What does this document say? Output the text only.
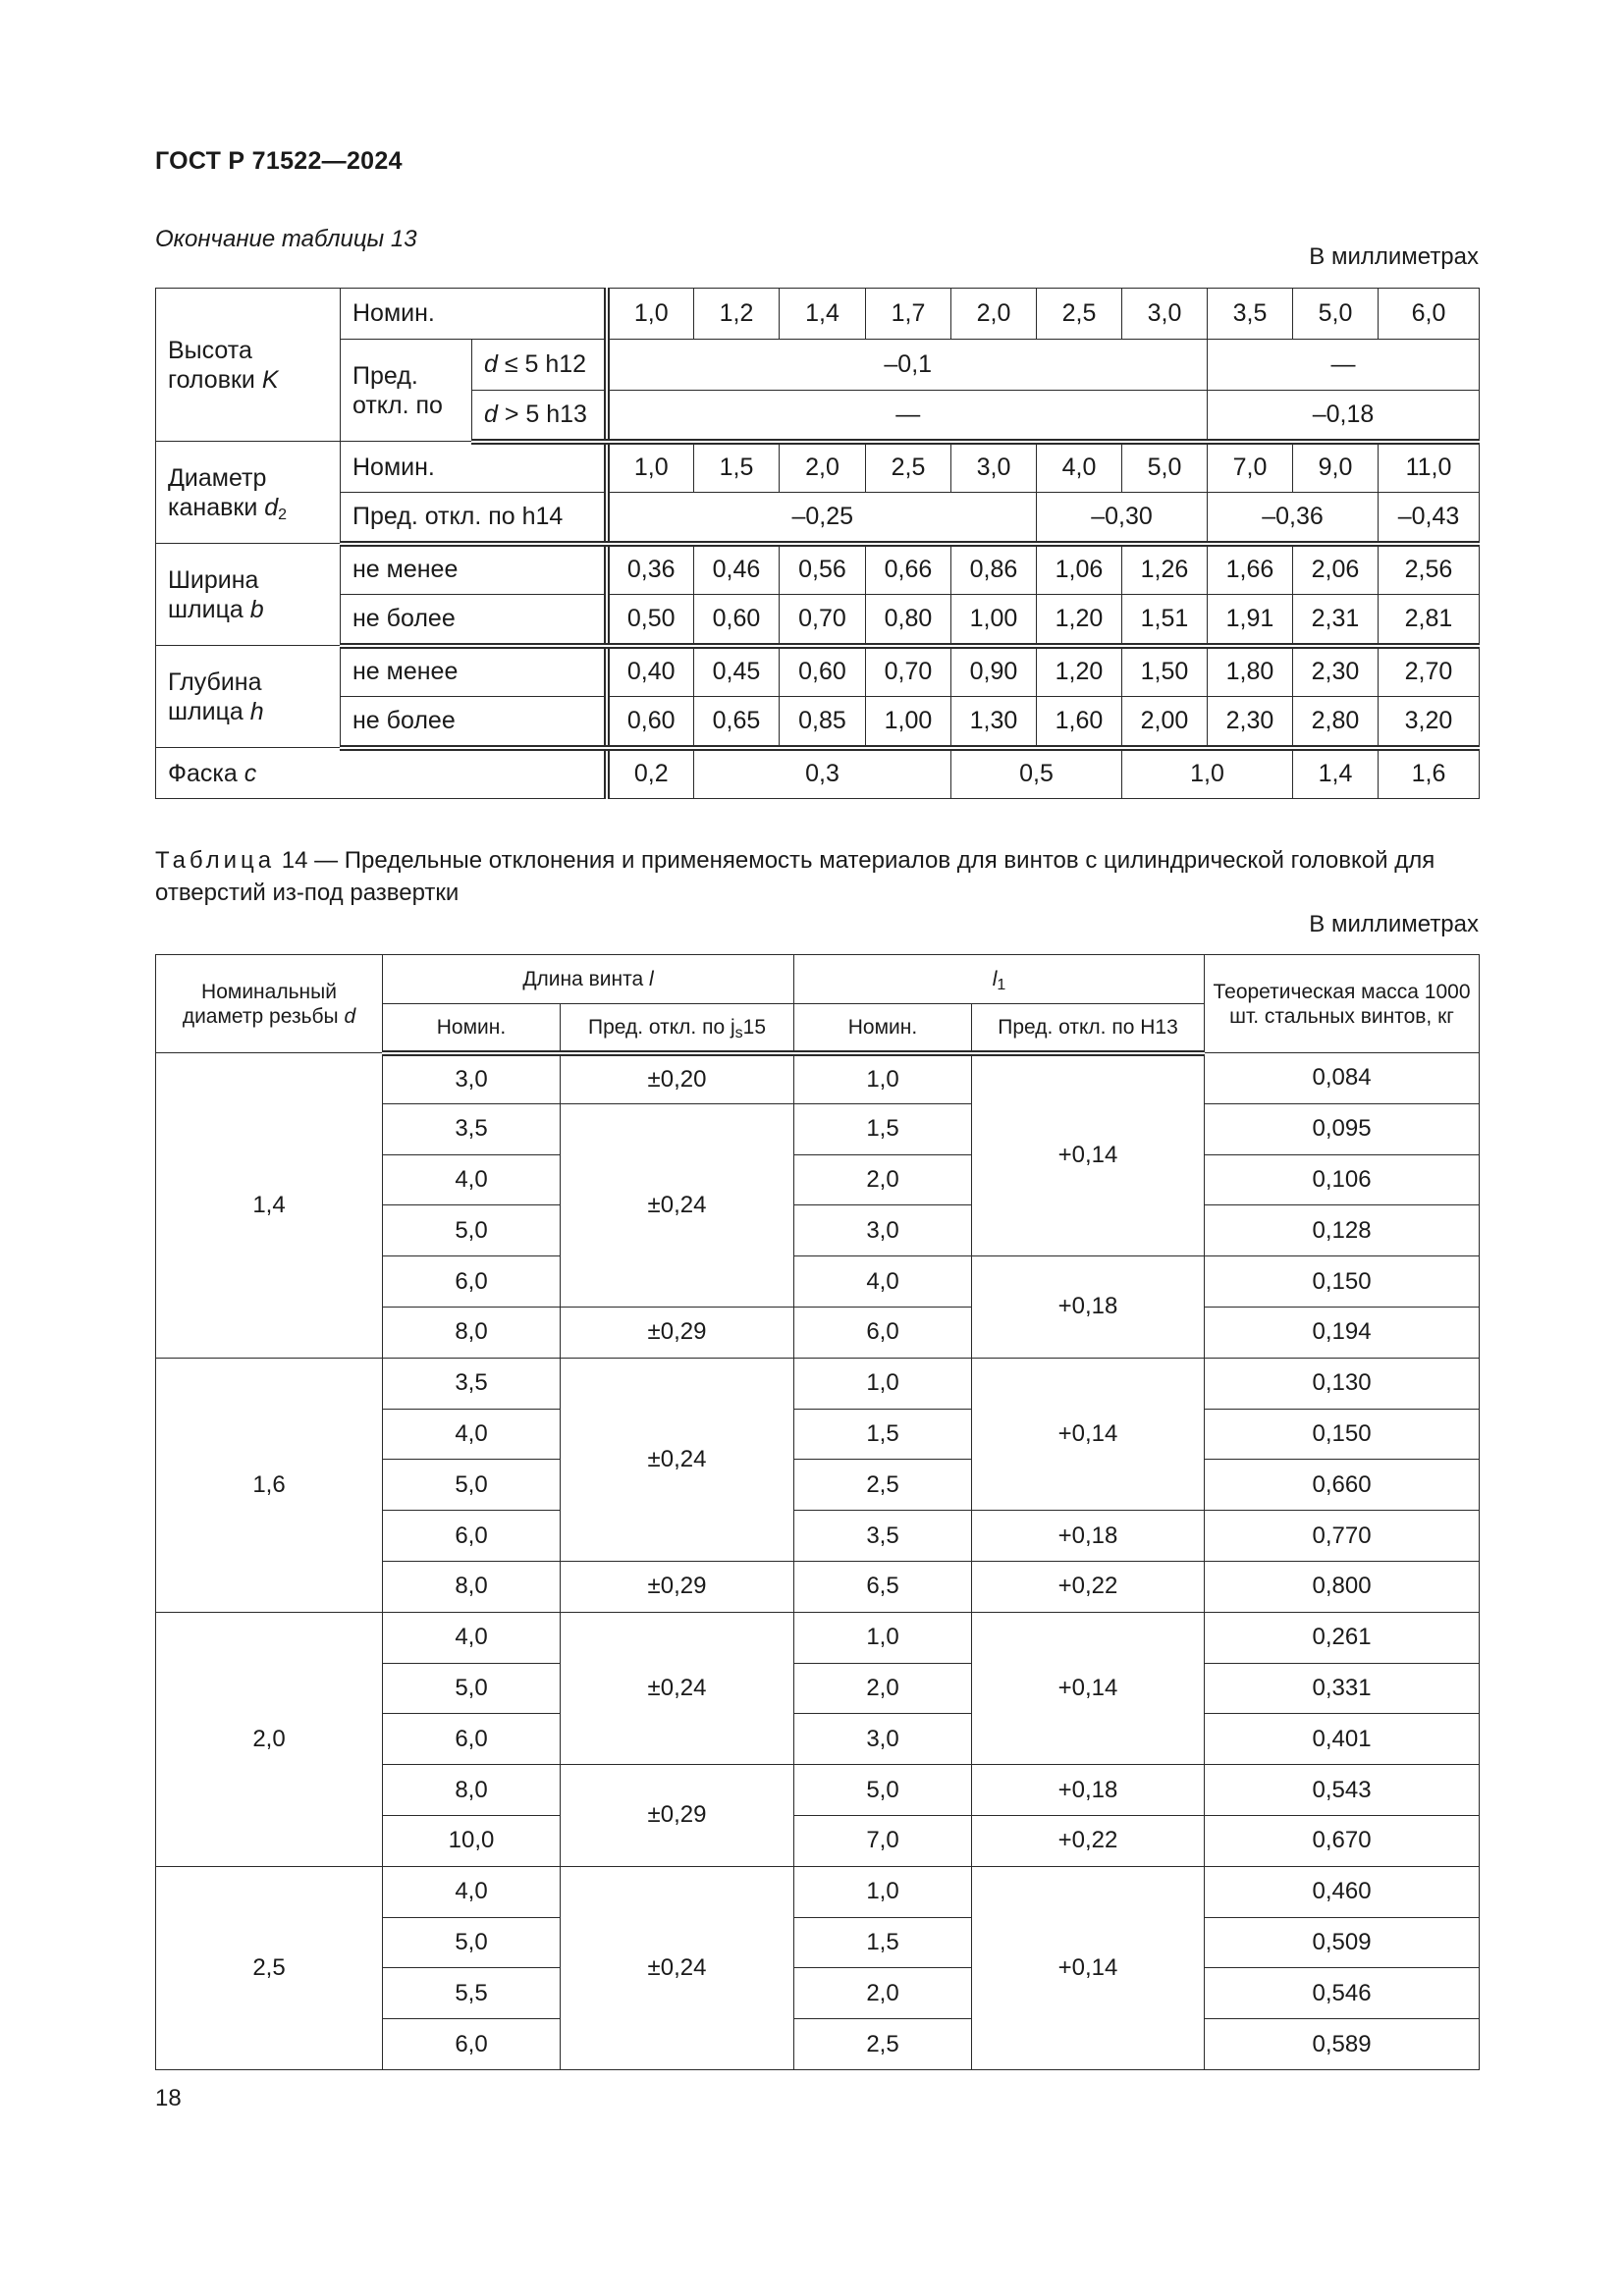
ГОСТ Р 71522—2024
Окончание таблицы 13
В миллиметрах
Высота головки K	Номин.		1,0	1,2	1,4	1,7	2,0	2,5	3,0	3,5	5,0	6,0
	Пред. откл. по	d ≤ 5 h12	–0,1							—		
		d > 5 h13	—							–0,18		
Диаметр канавки $d_2$	Номин.		1,0	1,5	2,0	2,5	3,0	4,0	5,0	7,0	9,0	11,0
	Пред. откл. по h14		–0,25					–0,30		–0,36		–0,43
Ширина шлица b	не менее		0,36	0,46	0,56	0,66	0,86	1,06	1,26	1,66	2,06	2,56
	не более		0,50	0,60	0,70	0,80	1,00	1,20	1,51	1,91	2,31	2,81
Глубина шлица h	не менее		0,40	0,45	0,60	0,70	0,90	1,20	1,50	1,80	2,30	2,70
	не более		0,60	0,65	0,85	1,00	1,30	1,60	2,00	2,30	2,80	3,20
Фаска c			0,2	0,3			0,5		1,0		1,4	1,6
Таблица 14 — Предельные отклонения и применяемость материалов для винтов с цилиндрической головкой для отверстий из-под развертки
В миллиметрах
Номинальный диаметр резьбы d	Длина винта l		$l_1$		Теоретическая масса 1000 шт. стальных винтов, кг
	Номин.	Пред. откл. по $j_s15$	Номин.	Пред. откл. по H13	
1,4	3,0	±0,20	1,0	+0,14	0,084
	3,5	±0,24	1,5		0,095
	4,0		2,0		0,106
	5,0		3,0		0,128
	6,0		4,0	+0,18	0,150
	8,0	±0,29	6,0		0,194
1,6	3,5	±0,24	1,0	+0,14	0,130
	4,0		1,5		0,150
	5,0		2,5		0,660
	6,0		3,5	+0,18	0,770
	8,0	±0,29	6,5	+0,22	0,800
2,0	4,0	±0,24	1,0	+0,14	0,261
	5,0		2,0		0,331
	6,0		3,0		0,401
	8,0	±0,29	5,0	+0,18	0,543
	10,0		7,0	+0,22	0,670
2,5	4,0	±0,24	1,0	+0,14	0,460
	5,0		1,5		0,509
	5,5		2,0		0,546
	6,0		2,5		0,589
18
